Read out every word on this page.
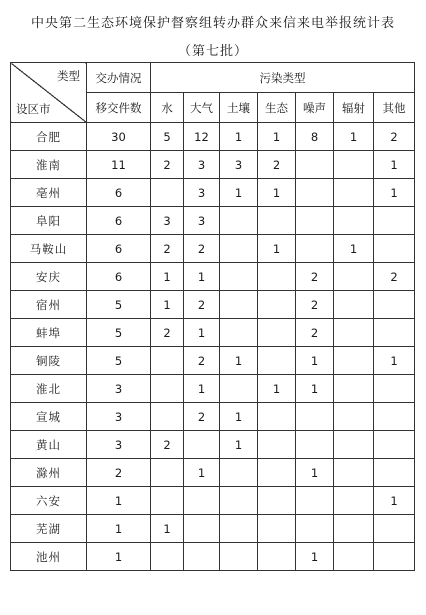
中央第二生态环境保护督察组转办群众来信来电举报统计表
（第七批）
类型
设区市	交办情况	污染类型						
	移交件数	水	大气	土壤	生态	噪声	辐射	其他
合肥	30	5	12	1	1	8	1	2
淮南	11	2	3	3	2			1
亳州	6		3	1	1			1
阜阳	6	3	3					
马鞍山	6	2	2		1		1	
安庆	6	1	1			2		2
宿州	5	1	2			2		
蚌埠	5	2	1			2		
铜陵	5		2	1		1		1
淮北	3		1		1	1		
宣城	3		2	1				
黄山	3	2		1				
滁州	2		1			1		
六安	1							1
芜湖	1	1						
池州	1					1		
